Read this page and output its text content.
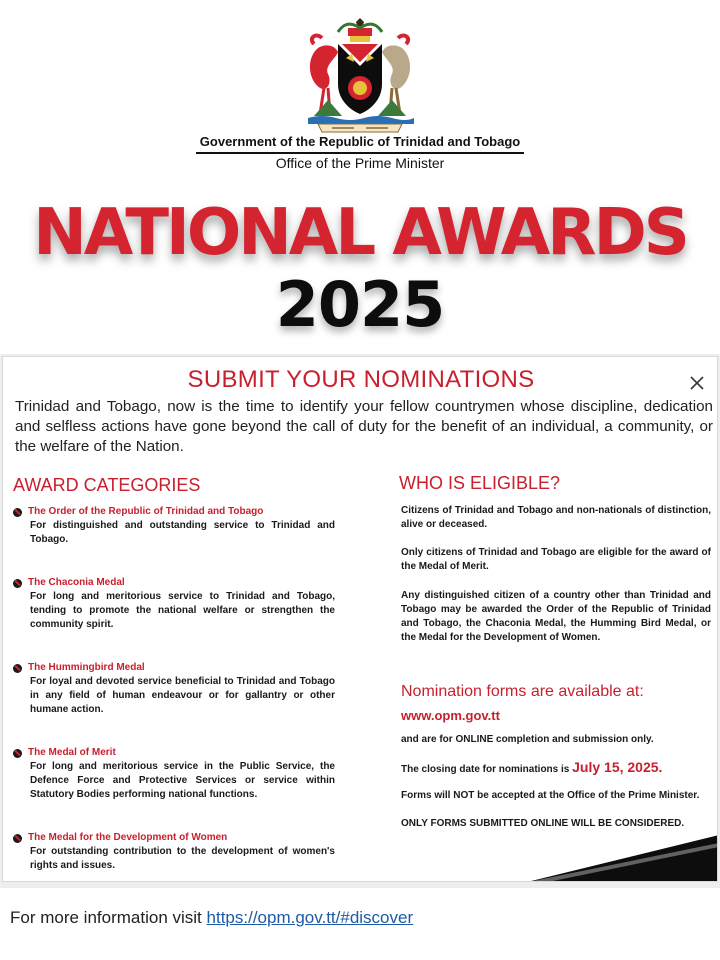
Government of the Republic of Trinidad and Tobago
Office of the Prime Minister
NATIONAL AWARDS
2025
SUBMIT YOUR NOMINATIONS
Trinidad and Tobago, now is the time to identify your fellow countrymen whose discipline, dedication and selfless actions have gone beyond the call of duty for the benefit of an individual, a community, or the welfare of the Nation.
AWARD CATEGORIES
The Order of the Republic of Trinidad and Tobago
For distinguished and outstanding service to Trinidad and Tobago.
The Chaconia Medal
For long and meritorious service to Trinidad and Tobago, tending to promote the national welfare or strengthen the community spirit.
The Hummingbird Medal
For loyal and devoted service beneficial to Trinidad and Tobago in any field of human endeavour or for gallantry or other humane action.
The Medal of Merit
For long and meritorious service in the Public Service, the Defence Force and Protective Services or service within Statutory Bodies performing national functions.
The Medal for the Development of Women
For outstanding contribution to the development of women's rights and issues.
WHO IS ELIGIBLE?
Citizens of Trinidad and Tobago and non-nationals of distinction, alive or deceased.
Only citizens of Trinidad and Tobago are eligible for the award of the Medal of Merit.
Any distinguished citizen of a country other than Trinidad and Tobago may be awarded the Order of the Republic of Trinidad and Tobago, the Chaconia Medal, the Humming Bird Medal, or the Medal for the Development of Women.
Nomination forms are available at:
www.opm.gov.tt
and are for ONLINE completion and submission only.
The closing date for nominations is July 15, 2025.
Forms will NOT be accepted at the Office of the Prime Minister.
ONLY FORMS SUBMITTED ONLINE WILL BE CONSIDERED.
For more information visit https://opm.gov.tt/#discover
